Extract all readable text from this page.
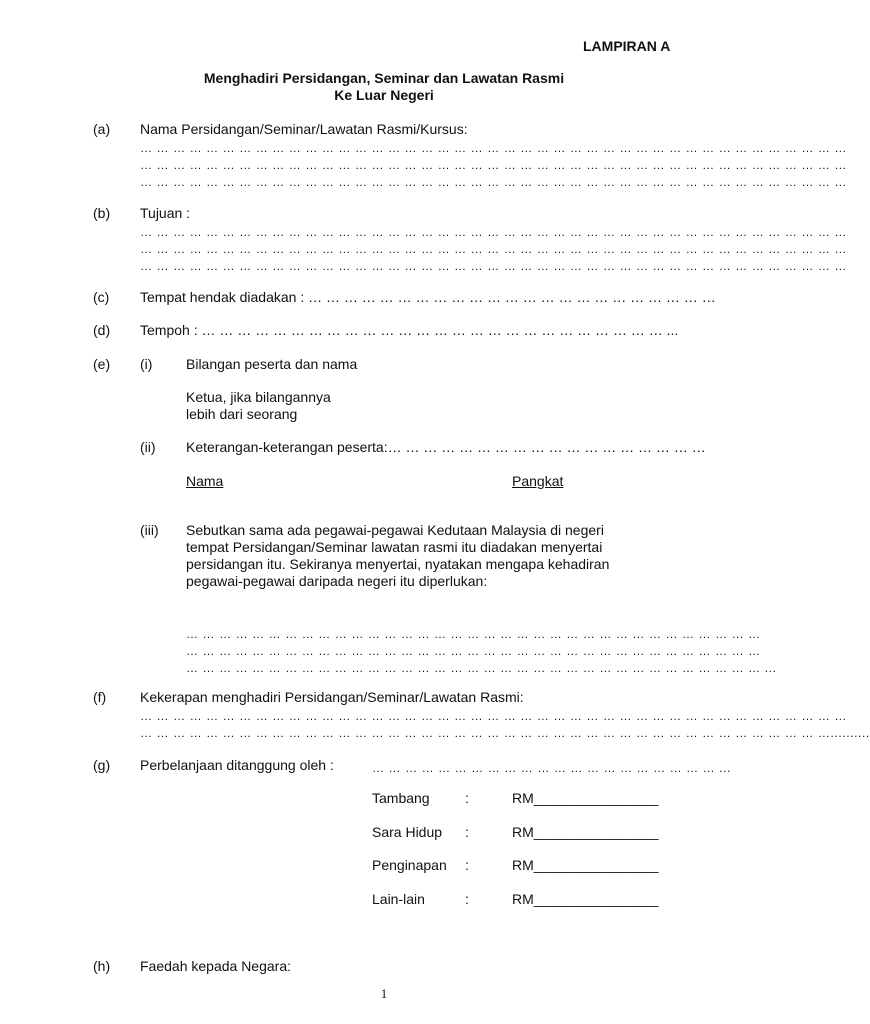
LAMPIRAN A
Menghadiri Persidangan, Seminar dan Lawatan Rasmi
Ke Luar Negeri
(a) Nama Persidangan/Seminar/Lawatan Rasmi/Kursus:
… … … … … … … … … … … … … … … … … … … … … … … … … … … … … … … … … … … … … … … … … … …
… … … … … … … … … … … … … … … … … … … … … … … … … … … … … … … … … … … … … … … … … … …
… … … … … … … … … … … … … … … … … … … … … … … … … … … … … … … … … … … … … … … … … … …
(b) Tujuan :
… … … … … … … … … … … … … … … … … … … … … … … … … … … … … … … … … … … … … … … … … … …
… … … … … … … … … … … … … … … … … … … … … … … … … … … … … … … … … … … … … … … … … … …
… … … … … … … … … … … … … … … … … … … … … … … … … … … … … … … … … … … … … … … … … … …
(c) Tempat hendak diadakan : … … … … … … … … … … … … … … … … … … … … … … …
(d) Tempoh : … … … … … … … … … … … … … … … … … … … … … … … … … … ...
(e) (i) Bilangan peserta dan nama
Ketua, jika bilangannya
lebih dari seorang
(ii) Keterangan-keterangan peserta:… … … … … … … … … … … … … … … … … …
Nama	Pangkat
(iii) Sebutkan sama ada pegawai-pegawai Kedutaan Malaysia di negeri
tempat Persidangan/Seminar lawatan rasmi itu diadakan menyertai
persidangan itu. Sekiranya menyertai, nyatakan mengapa kehadiran
pegawai-pegawai daripada negeri itu diperlukan:
… … … … … … … … … … … … … … … … … … … … … … … … … … … … … … … … … … …
… … … … … … … … … … … … … … … … … … … … … … … … … … … … … … … … … … …
… … … … … … … … … … … … … … … … … … … … … … … … … … … … … … … … … … … ...
(f) Kekerapan menghadiri Persidangan/Seminar/Lawatan Rasmi:
… … … … … … … … … … … … … … … … … … … … … … … … … … … … … … … … … … … … … … … … … … …
… … … … … … … … … … … … … … … … … … … … … … … … … … … … … … … … … … … … … … … … … …..........
(g) Perbelanjaan ditanggung oleh :	… … … … … … … … … … … … … … … … … … … … … ...
Tambang	:	RM________________
Sara Hidup :	RM________________
Penginapan :	RM________________
Lain-lain	:	RM________________
(h) Faedah kepada Negara:
1
